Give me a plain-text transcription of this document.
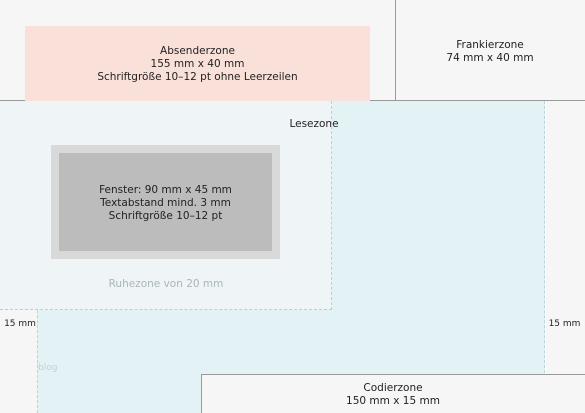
Absenderzone
155 mm x 40 mm
Schriftgröße 10–12 pt ohne Leerzeilen
Frankierzone
74 mm x 40 mm
Lesezone
Fenster: 90 mm x 45 mm
Textabstand mind. 3 mm
Schriftgröße 10–12 pt
Ruhezone von 20 mm
15 mm	15 mm
blog
Codierzone
150 mm x 15 mm
